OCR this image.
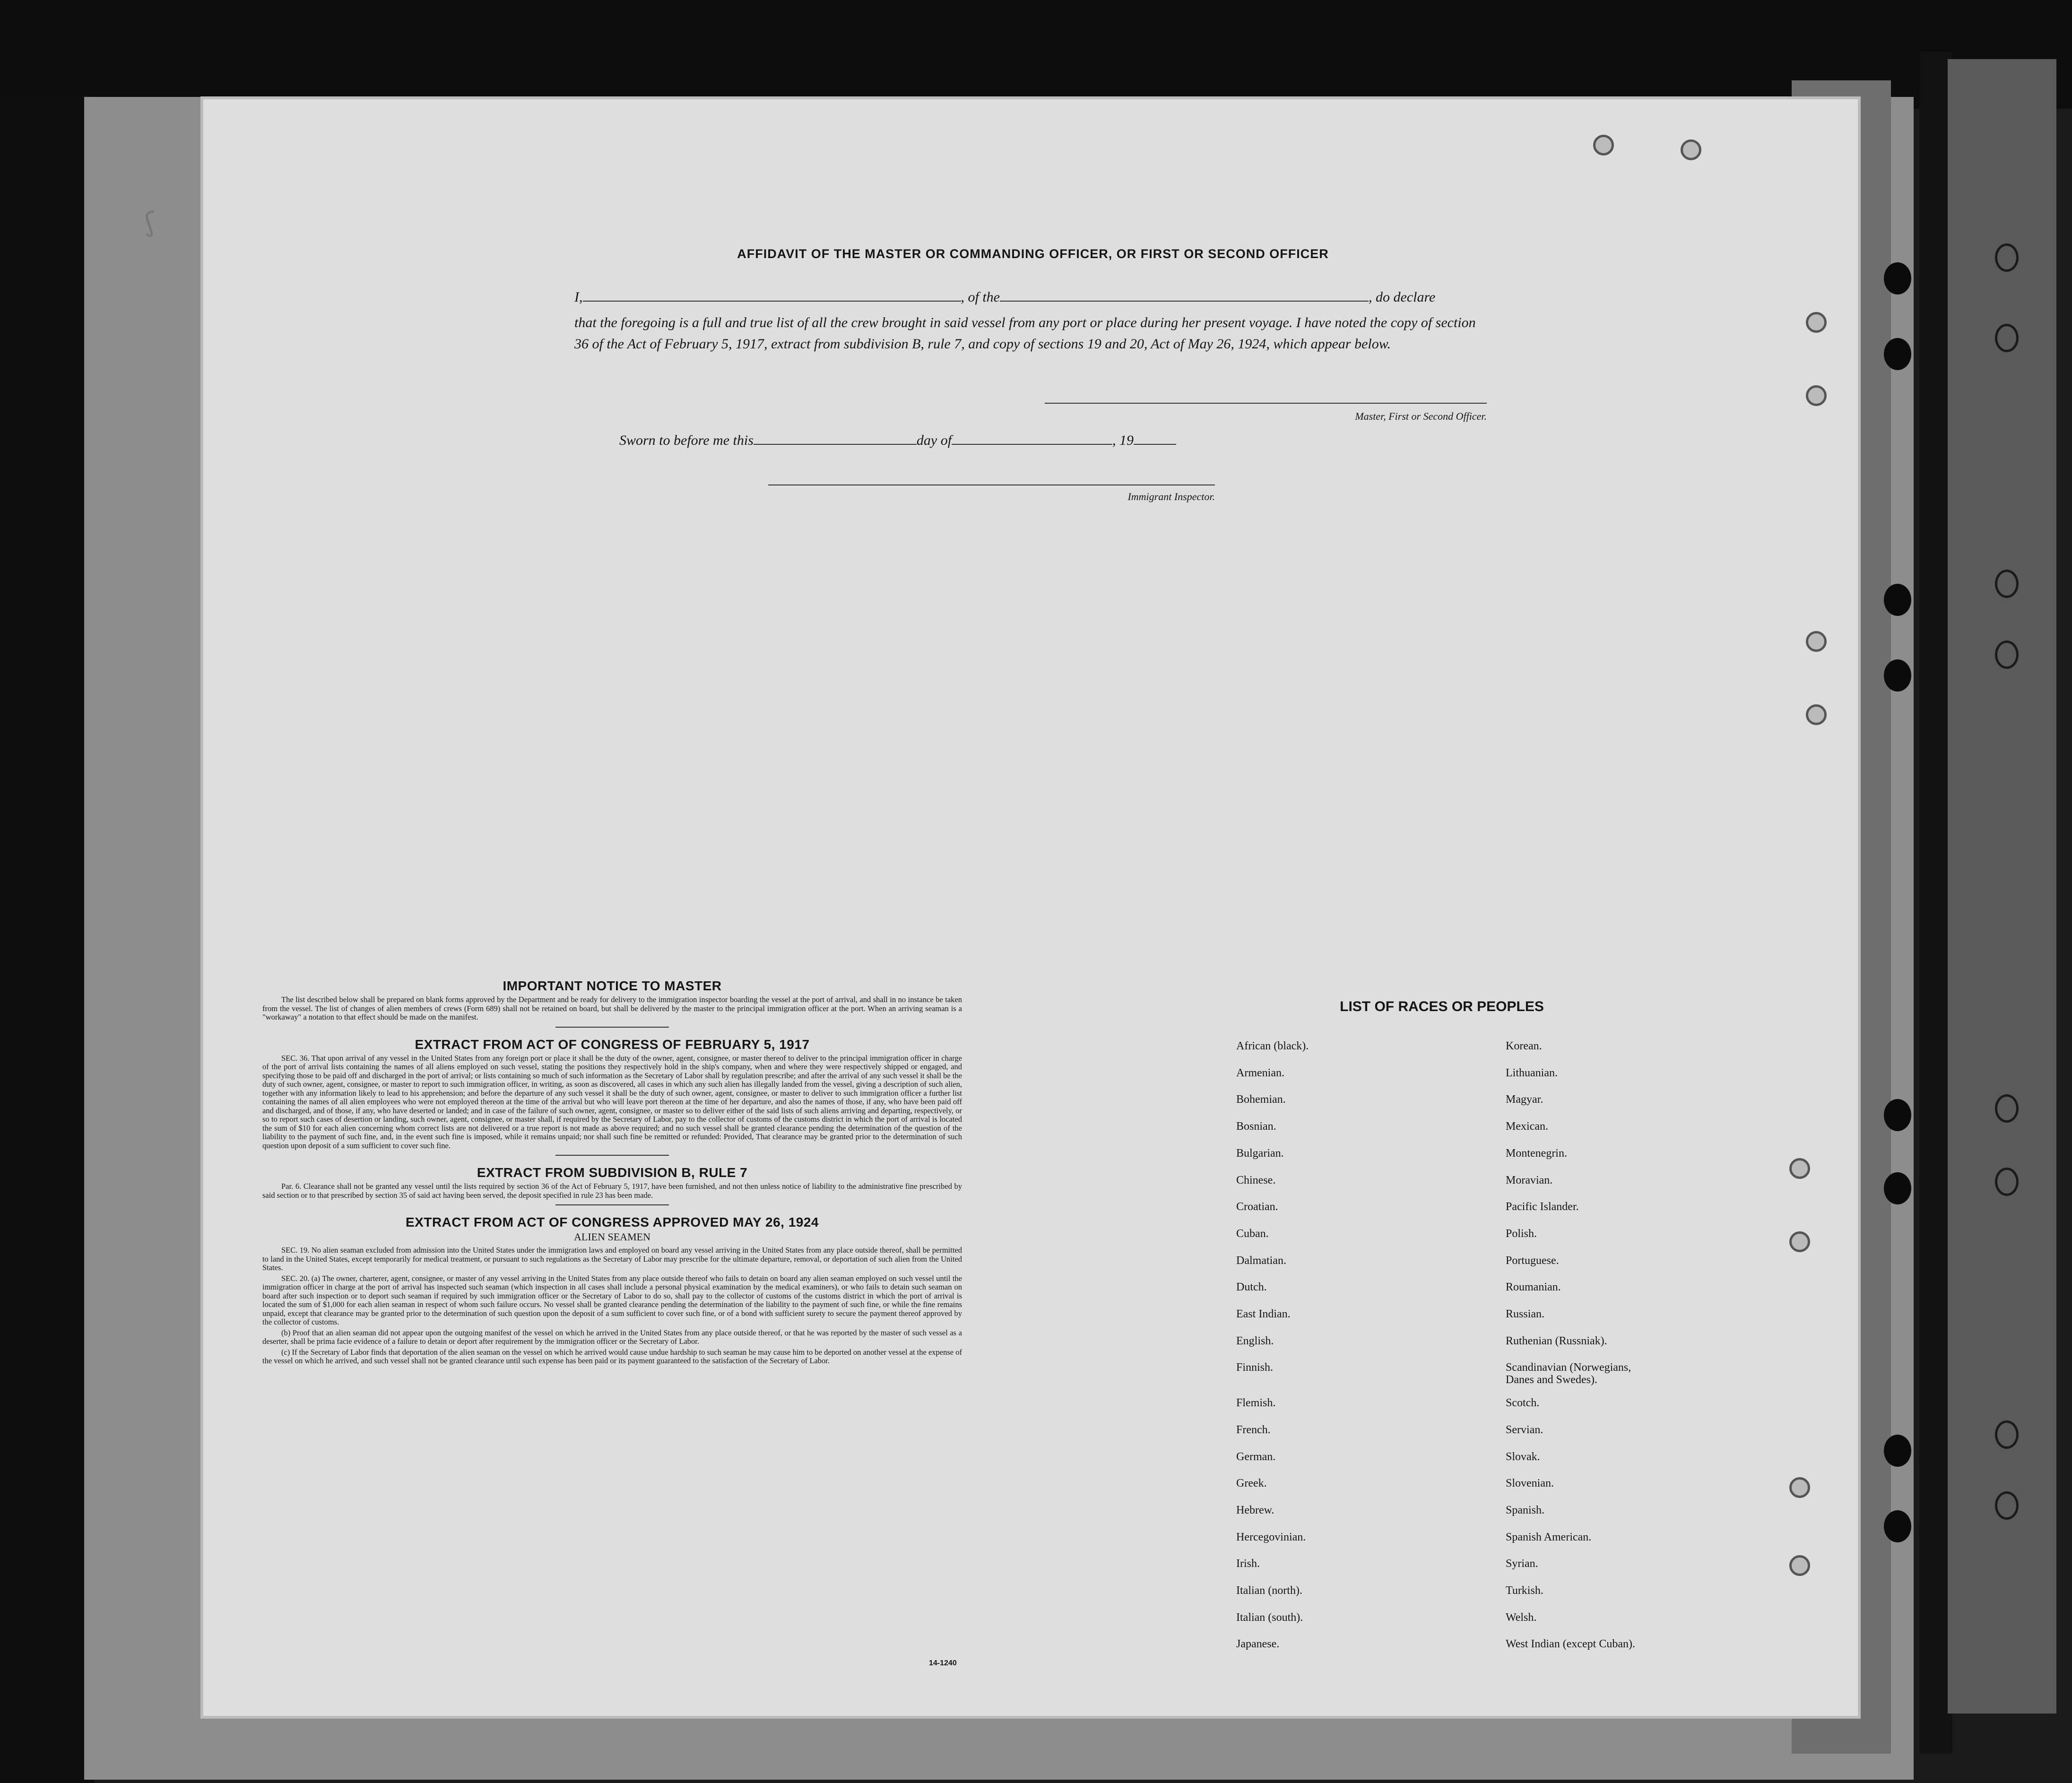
⟆
AFFIDAVIT OF THE MASTER OR COMMANDING OFFICER, OR FIRST OR SECOND OFFICER
I,	, of the	, do declare
that the foregoing is a full and true list of all the crew brought in said vessel from any port or place during her present voyage. I have noted the copy of section 36 of the Act of February 5, 1917, extract from subdivision B, rule 7, and copy of sections 19 and 20, Act of May 26, 1924, which appear below.
Master, First or Second Officer.
Sworn to before me this	day of	, 19
Immigrant Inspector.

IMPORTANT NOTICE TO MASTER

The list described below shall be prepared on blank forms approved by the Department and be ready for delivery to the immigration inspector boarding the vessel at the port of arrival, and shall in no instance be taken from the vessel. The list of changes of alien members of crews (Form 689) shall not be retained on board, but shall be delivered by the master to the principal immigration officer at the port. When an arriving seaman is a "workaway" a notation to that effect should be made on the manifest.

EXTRACT FROM ACT OF CONGRESS OF FEBRUARY 5, 1917

SEC. 36. That upon arrival of any vessel in the United States from any foreign port or place it shall be the duty of the owner, agent, consignee, or master thereof to deliver to the principal immigration officer in charge of the port of arrival lists containing the names of all aliens employed on such vessel, stating the positions they respectively hold in the ship's company, when and where they were respectively shipped or engaged, and specifying those to be paid off and discharged in the port of arrival; or lists containing so much of such information as the Secretary of Labor shall by regulation prescribe; and after the arrival of any such vessel it shall be the duty of such owner, agent, consignee, or master to report to such immigration officer, in writing, as soon as discovered, all cases in which any such alien has illegally landed from the vessel, giving a description of such alien, together with any information likely to lead to his apprehension; and before the departure of any such vessel it shall be the duty of such owner, agent, consignee, or master to deliver to such immigration officer a further list containing the names of all alien employees who were not employed thereon at the time of the arrival but who will leave port thereon at the time of her departure, and also the names of those, if any, who have been paid off and discharged, and of those, if any, who have deserted or landed; and in case of the failure of such owner, agent, consignee, or master so to deliver either of the said lists of such aliens arriving and departing, respectively, or so to report such cases of desertion or landing, such owner, agent, consignee, or master shall, if required by the Secretary of Labor, pay to the collector of customs of the customs district in which the port of arrival is located the sum of $10 for each alien concerning whom correct lists are not delivered or a true report is not made as above required; and no such vessel shall be granted clearance pending the determination of the question of the liability to the payment of such fine, and, in the event such fine is imposed, while it remains unpaid; nor shall such fine be remitted or refunded: Provided, That clearance may be granted prior to the determination of such question upon deposit of a sum sufficient to cover such fine.

EXTRACT FROM SUBDIVISION B, RULE 7

Par. 6. Clearance shall not be granted any vessel until the lists required by section 36 of the Act of February 5, 1917, have been furnished, and not then unless notice of liability to the administrative fine prescribed by said section or to that prescribed by section 35 of said act having been served, the deposit specified in rule 23 has been made.

EXTRACT FROM ACT OF CONGRESS APPROVED MAY 26, 1924

ALIEN SEAMEN

SEC. 19. No alien seaman excluded from admission into the United States under the immigration laws and employed on board any vessel arriving in the United States from any place outside thereof, shall be permitted to land in the United States, except temporarily for medical treatment, or pursuant to such regulations as the Secretary of Labor may prescribe for the ultimate departure, removal, or deportation of such alien from the United States.

SEC. 20. (a) The owner, charterer, agent, consignee, or master of any vessel arriving in the United States from any place outside thereof who fails to detain on board any alien seaman employed on such vessel until the immigration officer in charge at the port of arrival has inspected such seaman (which inspection in all cases shall include a personal physical examination by the medical examiners), or who fails to detain such seaman on board after such inspection or to deport such seaman if required by such immigration officer or the Secretary of Labor to do so, shall pay to the collector of customs of the customs district in which the port of arrival is located the sum of $1,000 for each alien seaman in respect of whom such failure occurs. No vessel shall be granted clearance pending the determination of the liability to the payment of such fine, or while the fine remains unpaid, except that clearance may be granted prior to the determination of such question upon the deposit of a sum sufficient to cover such fine, or of a bond with sufficient surety to secure the payment thereof approved by the collector of customs.

(b) Proof that an alien seaman did not appear upon the outgoing manifest of the vessel on which he arrived in the United States from any place outside thereof, or that he was reported by the master of such vessel as a deserter, shall be prima facie evidence of a failure to detain or deport after requirement by the immigration officer or the Secretary of Labor.

(c) If the Secretary of Labor finds that deportation of the alien seaman on the vessel on which he arrived would cause undue hardship to such seaman he may cause him to be deported on another vessel at the expense of the vessel on which he arrived, and such vessel shall not be granted clearance until such expense has been paid or its payment guaranteed to the satisfaction of the Secretary of Labor.

14-1240
LIST OF RACES OR PEOPLES
African (black).
Armenian.
Bohemian.
Bosnian.
Bulgarian.
Chinese.
Croatian.
Cuban.
Dalmatian.
Dutch.
East Indian.
English.
Finnish.
Flemish.
French.
German.
Greek.
Hebrew.
Hercegovinian.
Irish.
Italian (north).
Italian (south).
Japanese.
Korean.
Lithuanian.
Magyar.
Mexican.
Montenegrin.
Moravian.
Pacific Islander.
Polish.
Portuguese.
Roumanian.
Russian.
Ruthenian (Russniak).
Scandinavian (Norwegians,
Danes and Swedes).
Scotch.
Servian.
Slovak.
Slovenian.
Spanish.
Spanish American.
Syrian.
Turkish.
Welsh.
West Indian (except Cuban).
